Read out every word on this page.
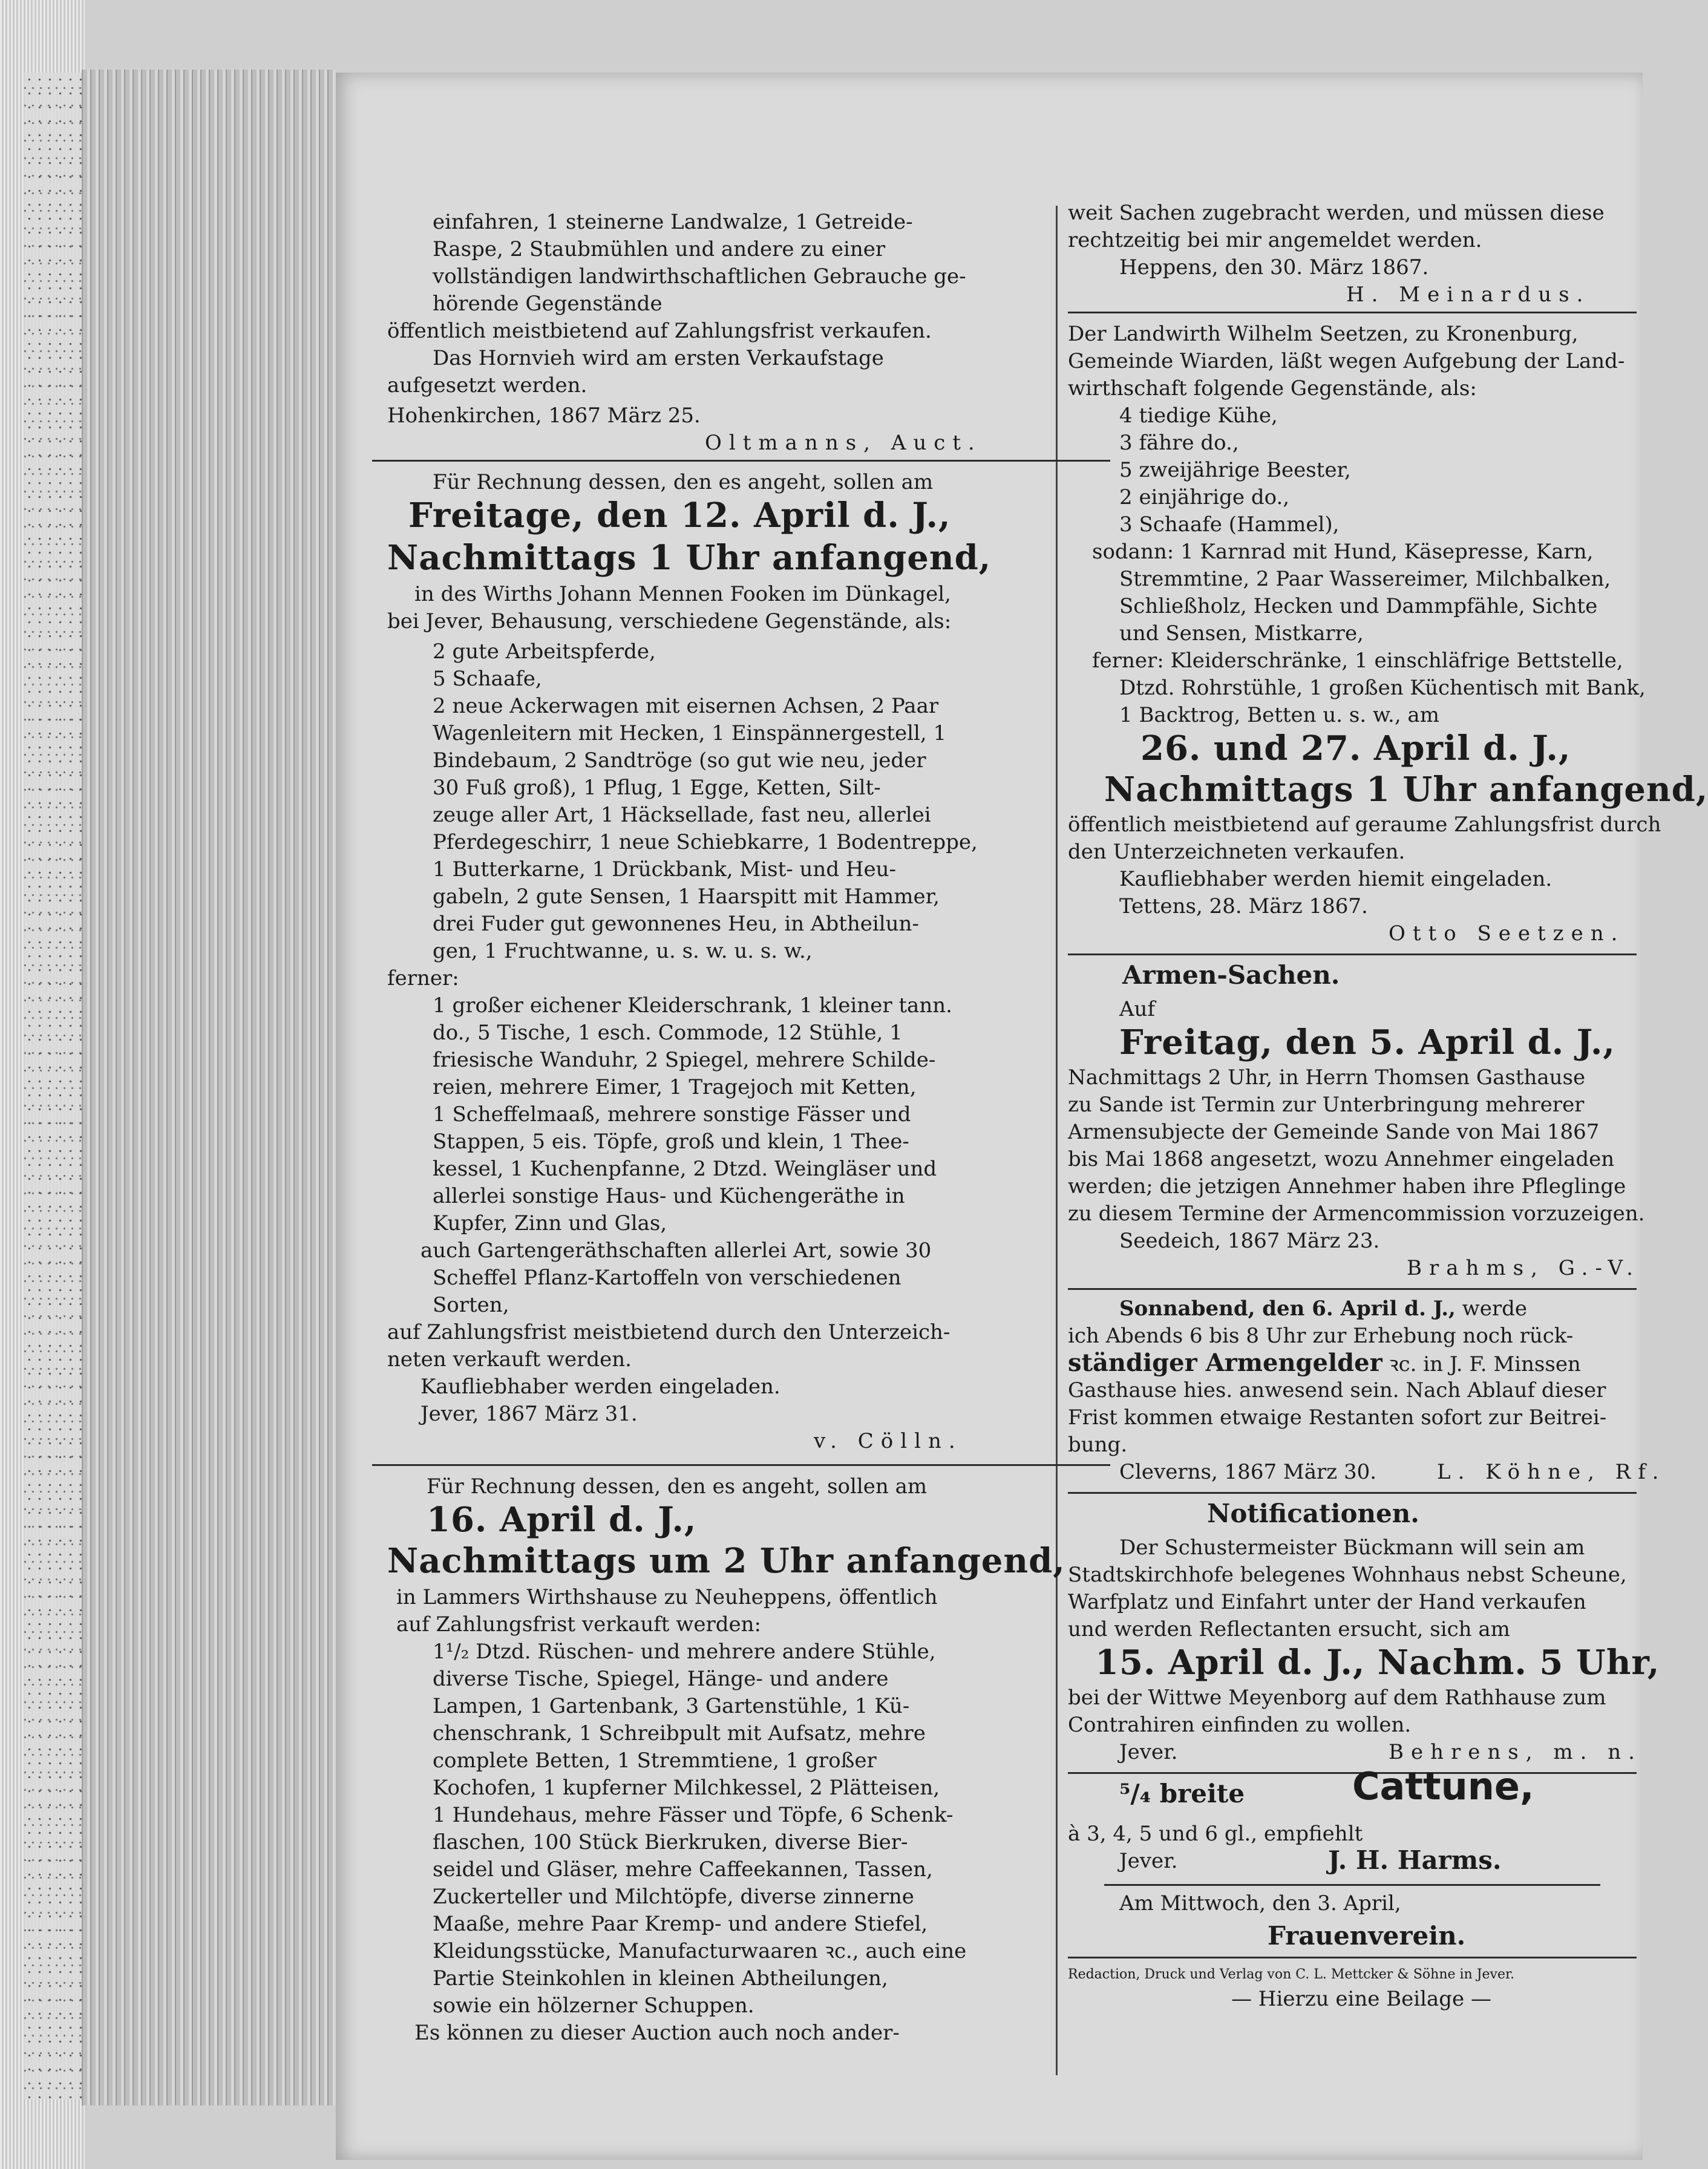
einfahren, 1 steinerne Landwalze, 1 Getreide-
Raspe, 2 Staubmühlen und andere zu einer
vollständigen landwirthschaftlichen Gebrauche ge-
hörende Gegenstände
öffentlich meistbietend auf Zahlungsfrist verkaufen.
Das Hornvieh wird am ersten Verkaufstage
aufgesetzt werden.
Hohenkirchen, 1867 März 25.
Oltmanns, Auct.
Für Rechnung dessen, den es angeht, sollen am
Freitage, den 12. April d. J.,
Nachmittags 1 Uhr anfangend,
in des Wirths Johann Mennen Fooken im Dünkagel,
bei Jever, Behausung, verschiedene Gegenstände, als:
2 gute Arbeitspferde,
5 Schaafe,
2 neue Ackerwagen mit eisernen Achsen, 2 Paar
Wagenleitern mit Hecken, 1 Einspännergestell, 1
Bindebaum, 2 Sandtröge (so gut wie neu, jeder
30 Fuß groß), 1 Pflug, 1 Egge, Ketten, Silt-
zeuge aller Art, 1 Häcksellade, fast neu, allerlei
Pferdegeschirr, 1 neue Schiebkarre, 1 Bodentreppe,
1 Butterkarne, 1 Drückbank, Mist- und Heu-
gabeln, 2 gute Sensen, 1 Haarspitt mit Hammer,
drei Fuder gut gewonnenes Heu, in Abtheilun-
gen, 1 Fruchtwanne, u. s. w. u. s. w.,
ferner:
1 großer eichener Kleiderschrank, 1 kleiner tann.
do., 5 Tische, 1 esch. Commode, 12 Stühle, 1
friesische Wanduhr, 2 Spiegel, mehrere Schilde-
reien, mehrere Eimer, 1 Tragejoch mit Ketten,
1 Scheffelmaaß, mehrere sonstige Fässer und
Stappen, 5 eis. Töpfe, groß und klein, 1 Thee-
kessel, 1 Kuchenpfanne, 2 Dtzd. Weingläser und
allerlei sonstige Haus- und Küchengeräthe in
Kupfer, Zinn und Glas,
auch Gartengeräthschaften allerlei Art, sowie 30
Scheffel Pflanz-Kartoffeln von verschiedenen
Sorten,
auf Zahlungsfrist meistbietend durch den Unterzeich-
neten verkauft werden.
Kaufliebhaber werden eingeladen.
Jever, 1867 März 31.
v. Cölln.
Für Rechnung dessen, den es angeht, sollen am
16. April d. J.,
Nachmittags um 2 Uhr anfangend,
in Lammers Wirthshause zu Neuheppens, öffentlich
auf Zahlungsfrist verkauft werden:
1¹/₂ Dtzd. Rüschen- und mehrere andere Stühle,
diverse Tische, Spiegel, Hänge- und andere
Lampen, 1 Gartenbank, 3 Gartenstühle, 1 Kü-
chenschrank, 1 Schreibpult mit Aufsatz, mehre
complete Betten, 1 Stremmtiene, 1 großer
Kochofen, 1 kupferner Milchkessel, 2 Plätteisen,
1 Hundehaus, mehre Fässer und Töpfe, 6 Schenk-
flaschen, 100 Stück Bierkruken, diverse Bier-
seidel und Gläser, mehre Caffeekannen, Tassen,
Zuckerteller und Milchtöpfe, diverse zinnerne
Maaße, mehre Paar Kremp- und andere Stiefel,
Kleidungsstücke, Manufacturwaaren ꝛc., auch eine
Partie Steinkohlen in kleinen Abtheilungen,
sowie ein hölzerner Schuppen.
Es können zu dieser Auction auch noch ander-
weit Sachen zugebracht werden, und müssen diese
rechtzeitig bei mir angemeldet werden.
Heppens, den 30. März 1867.
H. Meinardus.
Der Landwirth Wilhelm Seetzen, zu Kronenburg,
Gemeinde Wiarden, läßt wegen Aufgebung der Land-
wirthschaft folgende Gegenstände, als:
4 tiedige Kühe,
3 fähre do.,
5 zweijährige Beester,
2 einjährige do.,
3 Schaafe (Hammel),
sodann: 1 Karnrad mit Hund, Käsepresse, Karn,
Stremmtine, 2 Paar Wassereimer, Milchbalken,
Schließholz, Hecken und Dammpfähle, Sichte
und Sensen, Mistkarre,
ferner: Kleiderschränke, 1 einschläfrige Bettstelle,
Dtzd. Rohrstühle, 1 großen Küchentisch mit Bank,
1 Backtrog, Betten u. s. w., am
26. und 27. April d. J.,
Nachmittags 1 Uhr anfangend,
öffentlich meistbietend auf geraume Zahlungsfrist durch
den Unterzeichneten verkaufen.
Kaufliebhaber werden hiemit eingeladen.
Tettens, 28. März 1867.
Otto Seetzen.
Armen-Sachen.
Auf
Freitag, den 5. April d. J.,
Nachmittags 2 Uhr, in Herrn Thomsen Gasthause
zu Sande ist Termin zur Unterbringung mehrerer
Armensubjecte der Gemeinde Sande von Mai 1867
bis Mai 1868 angesetzt, wozu Annehmer eingeladen
werden; die jetzigen Annehmer haben ihre Pfleglinge
zu diesem Termine der Armencommission vorzuzeigen.
Seedeich, 1867 März 23.
Brahms, G.-V.
Sonnabend, den 6. April d. J., werde
ich Abends 6 bis 8 Uhr zur Erhebung noch rück-
ständiger Armengelder ꝛc. in J. F. Minssen
Gasthause hies. anwesend sein. Nach Ablauf dieser
Frist kommen etwaige Restanten sofort zur Beitrei-
bung.
Cleverns, 1867 März 30.	L. Köhne, Rf.
Notificationen.
Der Schustermeister Bückmann will sein am
Stadtskirchhofe belegenes Wohnhaus nebst Scheune,
Warfplatz und Einfahrt unter der Hand verkaufen
und werden Reflectanten ersucht, sich am
15. April d. J., Nachm. 5 Uhr,
bei der Wittwe Meyenborg auf dem Rathhause zum
Contrahiren einfinden zu wollen.
Jever.	Behrens, m. n.
⁵/₄ breite	Cattune,
à 3, 4, 5 und 6 gl., empfiehlt
Jever.	J. H. Harms.
Am Mittwoch, den 3. April,
Frauenverein.
Redaction, Druck und Verlag von C. L. Mettcker & Söhne in Jever.
— Hierzu eine Beilage —
